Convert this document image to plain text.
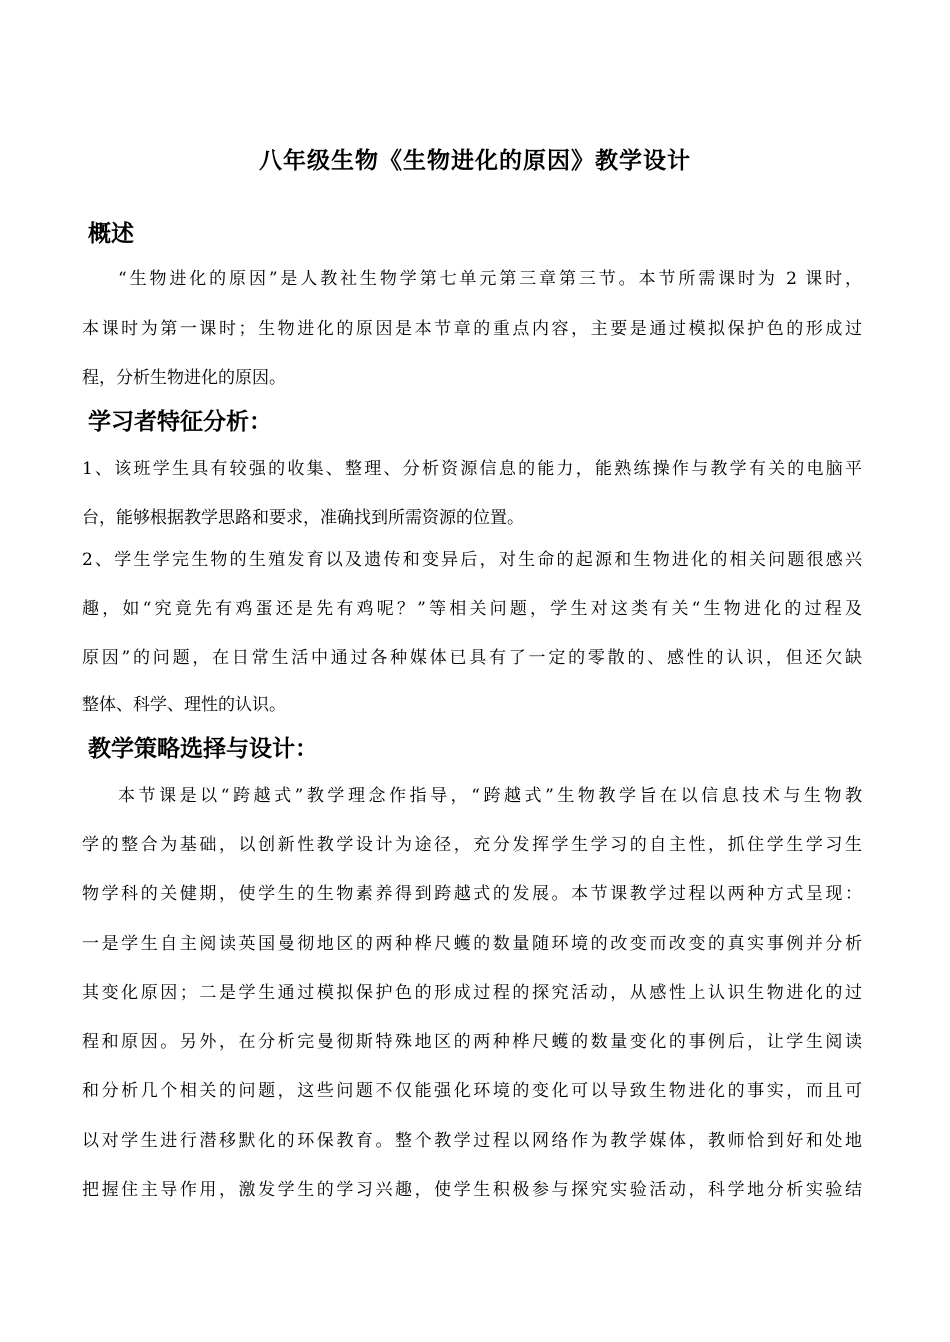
八年级生物《生物进化的原因》教学设计
概述
“生物进化的原因”是人教社生物学第七单元第三章第三节。本节所需课时为 2 课时，
本课时为第一课时；生物进化的原因是本节章的重点内容，主要是通过模拟保护色的形成过
程，分析生物进化的原因。
学习者特征分析：
1、该班学生具有较强的收集、整理、分析资源信息的能力，能熟练操作与教学有关的电脑平
台，能够根据教学思路和要求，准确找到所需资源的位置。
2、学生学完生物的生殖发育以及遗传和变异后，对生命的起源和生物进化的相关问题很感兴
趣，如“究竟先有鸡蛋还是先有鸡呢？”等相关问题，学生对这类有关“生物进化的过程及
原因”的问题，在日常生活中通过各种媒体已具有了一定的零散的、感性的认识，但还欠缺
整体、科学、理性的认识。
教学策略选择与设计：
本节课是以“跨越式”教学理念作指导，“跨越式”生物教学旨在以信息技术与生物教
学的整合为基础，以创新性教学设计为途径，充分发挥学生学习的自主性，抓住学生学习生
物学科的关健期，使学生的生物素养得到跨越式的发展。本节课教学过程以两种方式呈现：
一是学生自主阅读英国曼彻地区的两种桦尺蠖的数量随环境的改变而改变的真实事例并分析
其变化原因；二是学生通过模拟保护色的形成过程的探究活动，从感性上认识生物进化的过
程和原因。另外，在分析完曼彻斯特殊地区的两种桦尺蠖的数量变化的事例后，让学生阅读
和分析几个相关的问题，这些问题不仅能强化环境的变化可以导致生物进化的事实，而且可
以对学生进行潜移默化的环保教育。整个教学过程以网络作为教学媒体，教师恰到好和处地
把握住主导作用，激发学生的学习兴趣，使学生积极参与探究实验活动，科学地分析实验结
